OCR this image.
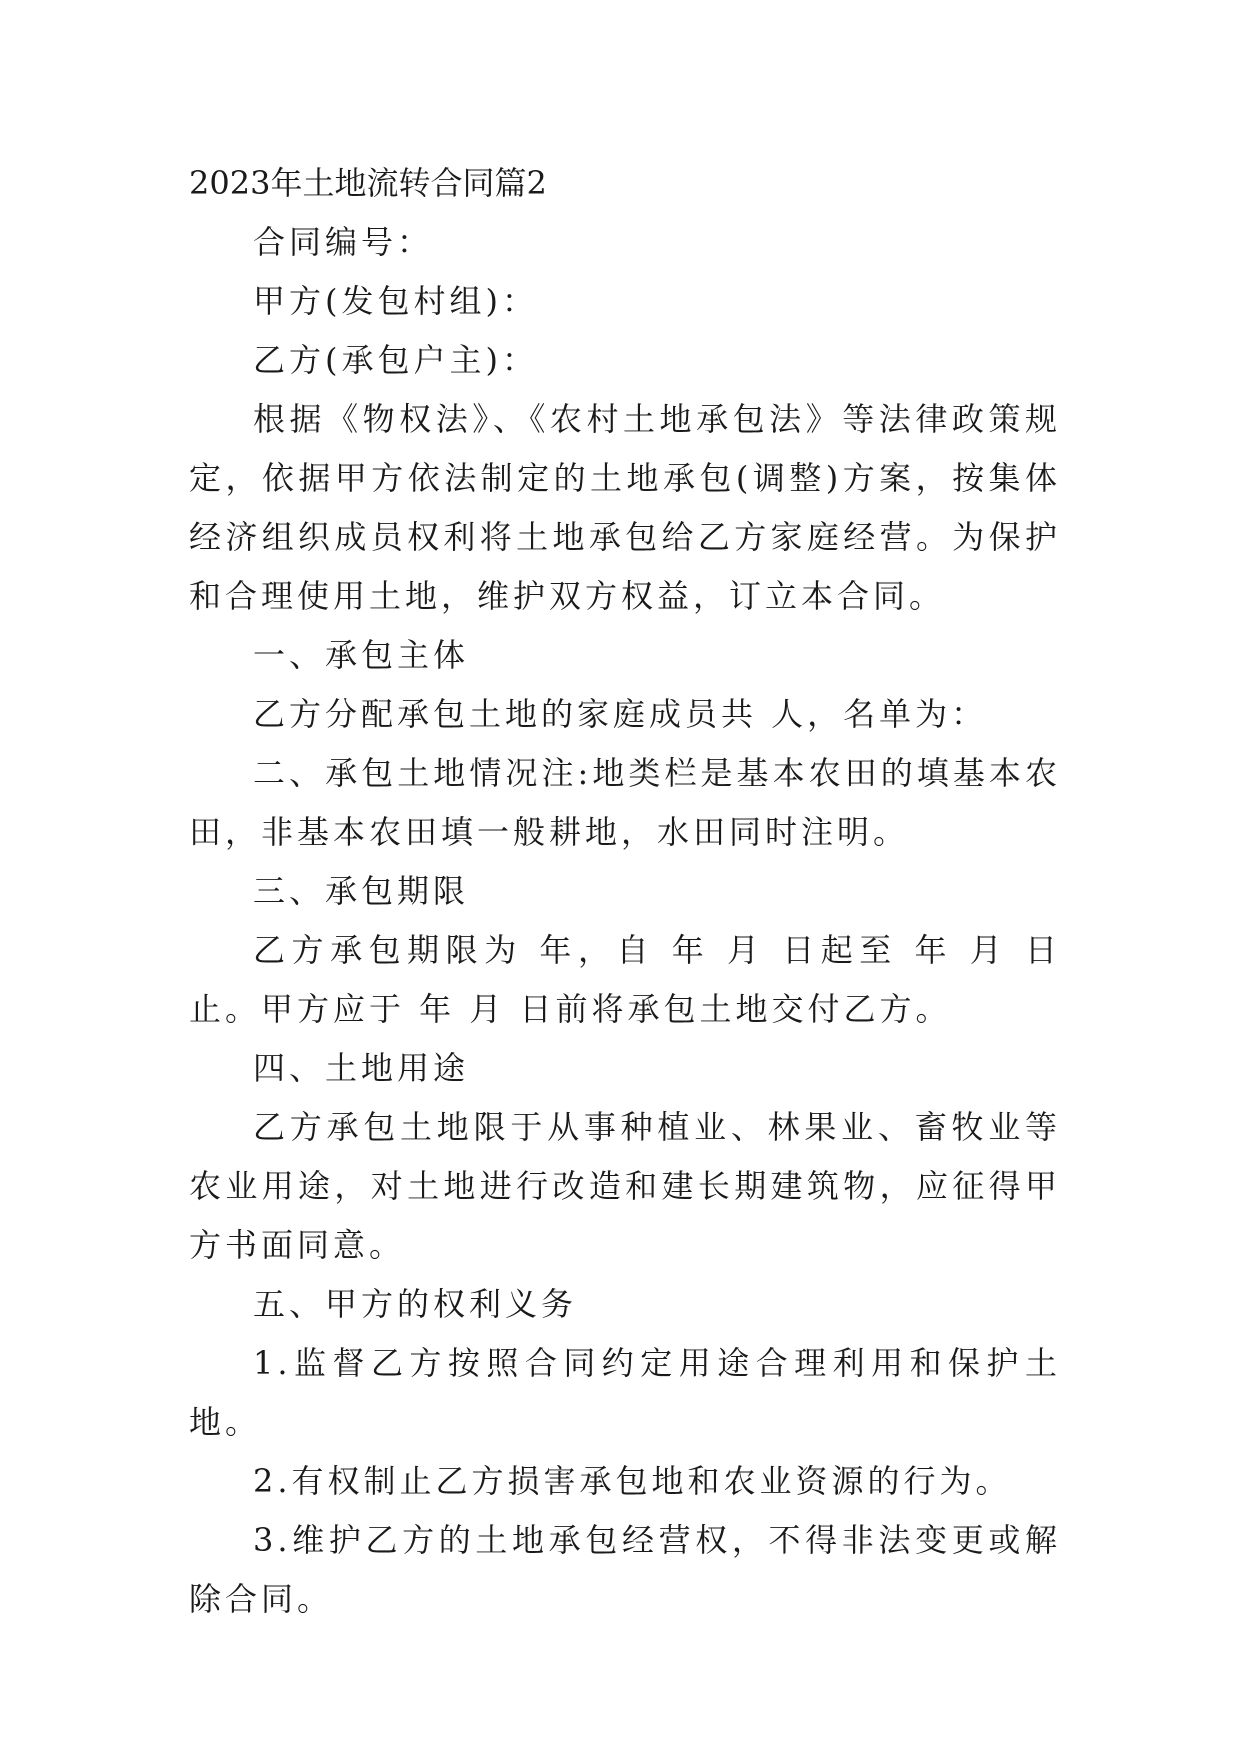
2023年土地流转合同篇2

合同编号：

甲方(发包村组)：

乙方(承包户主)：

根据《物权法》、《农村土地承包法》等法律政策规定，依据甲方依法制定的土地承包(调整)方案，按集体经济组织成员权利将土地承包给乙方家庭经营。为保护和合理使用土地，维护双方权益，订立本合同。

一、承包主体

乙方分配承包土地的家庭成员共 人，名单为：

二、承包土地情况注:地类栏是基本农田的填基本农田，非基本农田填一般耕地，水田同时注明。

三、承包期限

乙方承包期限为 年，自 年 月 日起至 年 月 日止。甲方应于 年 月 日前将承包土地交付乙方。

四、土地用途

乙方承包土地限于从事种植业、林果业、畜牧业等农业用途，对土地进行改造和建长期建筑物，应征得甲方书面同意。

五、甲方的权利义务

1.监督乙方按照合同约定用途合理利用和保护土地。

2.有权制止乙方损害承包地和农业资源的行为。

3.维护乙方的土地承包经营权，不得非法变更或解除合同。
